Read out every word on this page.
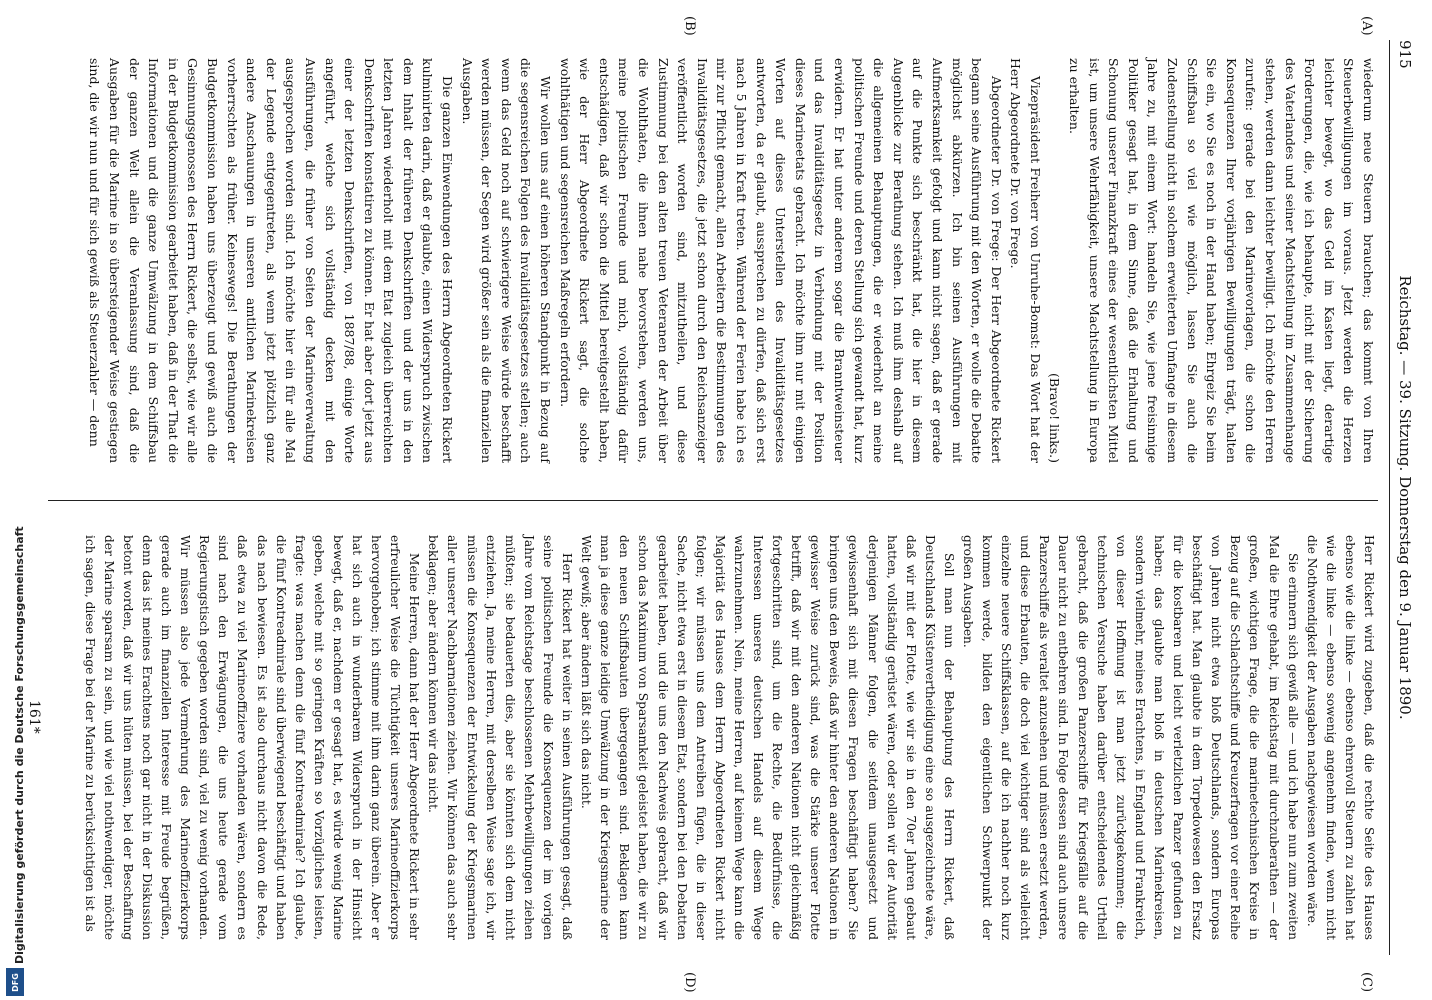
Reichstag. — 39. Sitzung. Donnerstag den 9. Januar 1890.
915
(A)
(B)
(C)
(D)

wiederum neue Steuern brauchen; das kommt von Ihren Steuerbewilligungen im voraus. Jetzt werden die Herzen leichter bewegt, wo das Geld im Kasten liegt, derartige Forderungen, die, wie ich behaupte, nicht mit der Sicherung des Vaterlandes und seiner Machtstellung im Zusammenhange stehen, werden dann leichter bewilligt. Ich möchte den Herren zurufen: gerade bei den Marinevorlagen, die schon die Konsequenzen Ihrer vorjährigen Bewilligungen trägt, halten Sie ein, wo Sie es noch in der Hand haben; Ehrgeiz Sie beim Schiffsbau so viel wie möglich, lassen Sie auch die Zudenstellung nicht in solchem erweiterten Umfange in diesem Jahre zu, mit einem Wort: handeln Sie, wie jene freisinnige Politiker gesagt hat, in dem Sinne, daß die Erhaltung und Schonung unserer Finanzkraft eines der wesentlichsten Mittel ist, um unsere Wehrfähigkeit, unsere Machtstellung in Europa zu erhalten.

(Bravo! links.)

Vizepräsident Freiherr von Unruhe-Bomst: Das Wort hat der Herr Abgeordnete Dr. von Frege.

Abgeordneter Dr. von Frege: Der Herr Abgeordnete Rickert begann seine Ausführung mit den Worten, er wolle die Debatte möglichst abkürzen. Ich bin seinen Ausführungen mit Aufmerksamkeit gefolgt und kann nicht sagen, daß er gerade auf die Punkte sich beschränkt hat, die hier in diesem Augenblicke zur Berathung stehen. Ich muß ihm deshalb auf die allgemeinen Behauptungen, die er wiederholt an meine politischen Freunde und deren Stellung sich gewandt hat, kurz erwidern. Er hat unter anderem sogar die Branntweinsteuer und das Invaliditätsgesetz in Verbindung mit der Position dieses Marineetats gebracht. Ich möchte ihm nur mit einigen Worten auf dieses Unterstellen des Invaliditätsgesetzes antworten, da er glaubt, aussprechen zu dürfen, daß sich erst nach 5 Jahren in Kraft treten. Während der Ferien habe ich es mir zur Pflicht gemacht, allen Arbeitern die Bestimmungen des Invaliditätsgesetzes, die jetzt schon durch den Reichsanzeiger veröffentlicht worden sind, mitzutheilen, und diese Zustimmung bei den alten treuen Veteranen der Arbeit über die Wohlthaten, die ihnen nahe bevorstehen, werden uns, meine politischen Freunde und mich, vollständig dafür entschädigen, daß wir schon die Mittel bereitgestellt haben, wie der Herr Abgeordnete Rickert sagt, die solche wohlthätigen und segensreichen Maßregeln erfordern.

Wir wollen uns auf einen höheren Standpunkt in Bezug auf die segensreichen Folgen des Invaliditätsgesetzes stellen; auch wenn das Geld noch auf schwierigere Weise würde beschafft werden müssen, der Segen wird größer sein als die finanziellen Ausgaben.

Die ganzen Einwendungen des Herrn Abgeordneten Rickert kulminirten darin, daß er glaubte, einen Widerspruch zwischen dem Inhalt der früheren Denkschriften und der uns in den letzten Jahren wiederholt mit dem Etat zugleich überreichten Denkschriften konstatiren zu können. Er hat aber dort jetzt aus einer der letzten Denkschriften, von 1887/88, einige Worte angeführt, welche sich vollständig decken mit den Ausführungen, die früher von Seiten der Marineverwaltung ausgesprochen worden sind. Ich möchte hier ein für alle Mal der Legende entgegentreten, als wenn jetzt plötzlich ganz andere Anschauungen in unseren amtlichen Marinekreisen vorherrschten als früher. Keineswegs! Die Berathungen der Budgetkommission haben uns überzeugt und gewiß auch die Gesinnungsgenossen des Herrn Rickert, die selbst, wie wir alle in der Budgetkommission gearbeitet haben, daß in der That die Informationen und die ganze Umwälzung in dem Schiffsbau der ganzen Welt allein die Veranlassung sind, daß die Ausgaben für die Marine in so übersteigender Weise gestiegen sind, die wir nun und für sich gewiß als Steuerzahler — denn

Herr Rickert wird zugeben, daß die rechte Seite des Hauses ebenso wie die linke — ebenso ehrenvoll Steuern zu zahlen hat wie die linke — ebenso sowenig angenehm finden, wenn nicht die Nothwendigkeit der Ausgaben nachgewiesen worden wäre.

Sie erinnern sich gewiß alle — und ich habe nun zum zweiten Mal die Ehre gehabt, im Reichstag mit durchzuberathen — der großen, wichtigen Frage, die die marinetechnischen Kreise in Bezug auf die Schlachtschiffe und Kreuzerfragen vor einer Reihe von Jahren nicht etwa bloß Deutschlands, sondern Europas beschäftigt hat. Man glaubte in dem Torpedowesen den Ersatz für die kostbaren und leicht verletzlichen Panzer gefunden zu haben; das glaubte man bloß in deutschen Marinekreisen, sondern vielmehr, meines Erachtens, in England und Frankreich, von dieser Hoffnung ist man jetzt zurückgekommen; die technischen Versuche haben darüber entscheidendes Urtheil gebracht, daß die großen Panzerschiffe für Kriegsfälle auf die Dauer nicht zu entbehren sind. In Folge dessen sind auch unsere Panzerschiffe als veraltet anzusehen und müssen ersetzt werden, und diese Erbauten, die doch viel wichtiger sind als vielleicht einzelne neuere Schiffsklassen, auf die ich nachher noch kurz kommen werde, bilden den eigentlichen Schwerpunkt der großen Ausgaben.

Soll man nun der Behauptung des Herrn Rickert, daß Deutschlands Küstenvertheidigung eine so ausgezeichnete wäre, daß wir mit der Flotte, wie wir sie in den 70er Jahren gebaut hatten, vollständig gerüstet wären, oder sollen wir der Autorität derjenigen Männer folgen, die seitdem unausgesetzt und gewissenhaft sich mit diesen Fragen beschäftigt haben? Sie bringen uns den Beweis, daß wir hinter den anderen Nationen in gewisser Weise zurück sind, was die Stärke unserer Flotte betrifft, daß wir mit den anderen Nationen nicht gleichmäßig fortgeschritten sind, um die Rechte, die Bedürfnisse, die Interessen unseres deutschen Handels auf diesem Wege wahrzunehmen. Nein, meine Herren, auf keinem Wege kann die Majorität des Hauses dem Herrn Abgeordneten Rickert nicht folgen; wir müssen uns dem Antreiben fügen, die in dieser Sache, nicht etwa erst in diesem Etat, sondern bei den Debatten gearbeitet haben, und die uns den Nachweis gebracht, daß wir schon das Maximum von Sparsamkeit geleistet haben, die wir zu den neuen Schiffsbauten übergegangen sind. Beklagen kann man ja diese ganze leidige Umwälzung in der Kriegsmarine der Welt gewiß; aber ändern läßt sich das nicht.

Herr Rickert hat weiter in seinen Ausführungen gesagt, daß seine politischen Freunde die Konsequenzen der im vorigen Jahre vom Reichstage beschlossenen Mehrbewilligungen ziehen müßten; sie bedauerten dies, aber sie könnten sich dem nicht entziehen. Ja, meine Herren, mit derselben Weise sage ich, wir müssen die Konsequenzen der Entwickelung der Kriegsmarinen aller unserer Nachbarnationen ziehen. Wir können das auch sehr beklagen; aber ändern können wir das nicht.

Meine Herren, dann hat der Herr Abgeordnete Rickert in sehr erfreulicher Weise die Tüchtigkeit unseres Marineoffizierkorps hervorgehoben; ich stimme mit ihm darin ganz überein. Aber er hat sich auch in wunderbarem Widerspruch in der Hinsicht bewegt, daß er, nachdem er gesagt hat, es würde wenig Marine geben, welche mit so geringen Kräften so Vorzügliches leisten, fragte: was machen denn die fünf Kontreadmirale? Ich glaube, die fünf Kontreadmirale sind überwiegend beschäftigt und haben das nach bewiesen. Es ist also durchaus nicht davon die Rede, daß etwa zu viel Marineoffiziere vorhanden wären, sondern es sind nach den Erwägungen, die uns heute gerade vom Regierungstisch gegeben worden sind, viel zu wenig vorhanden. Wir müssen also jede Vermehrung des Marineoffizierkorps gerade auch im finanziellen Interesse mit Freude begrüßen, denn das ist meines Erachtens noch gar nicht in der Diskussion betont worden, daß wir uns hüten müssen, bei der Beschaffung der Marine sparsam zu sein, und wie viel nothwendiger, möchte ich sagen, diese Frage bei der Marine zu berücksichtigen ist als

161*
Digitalisierung gefördert durch die Deutsche Forschungsgemeinschaft
DFG
